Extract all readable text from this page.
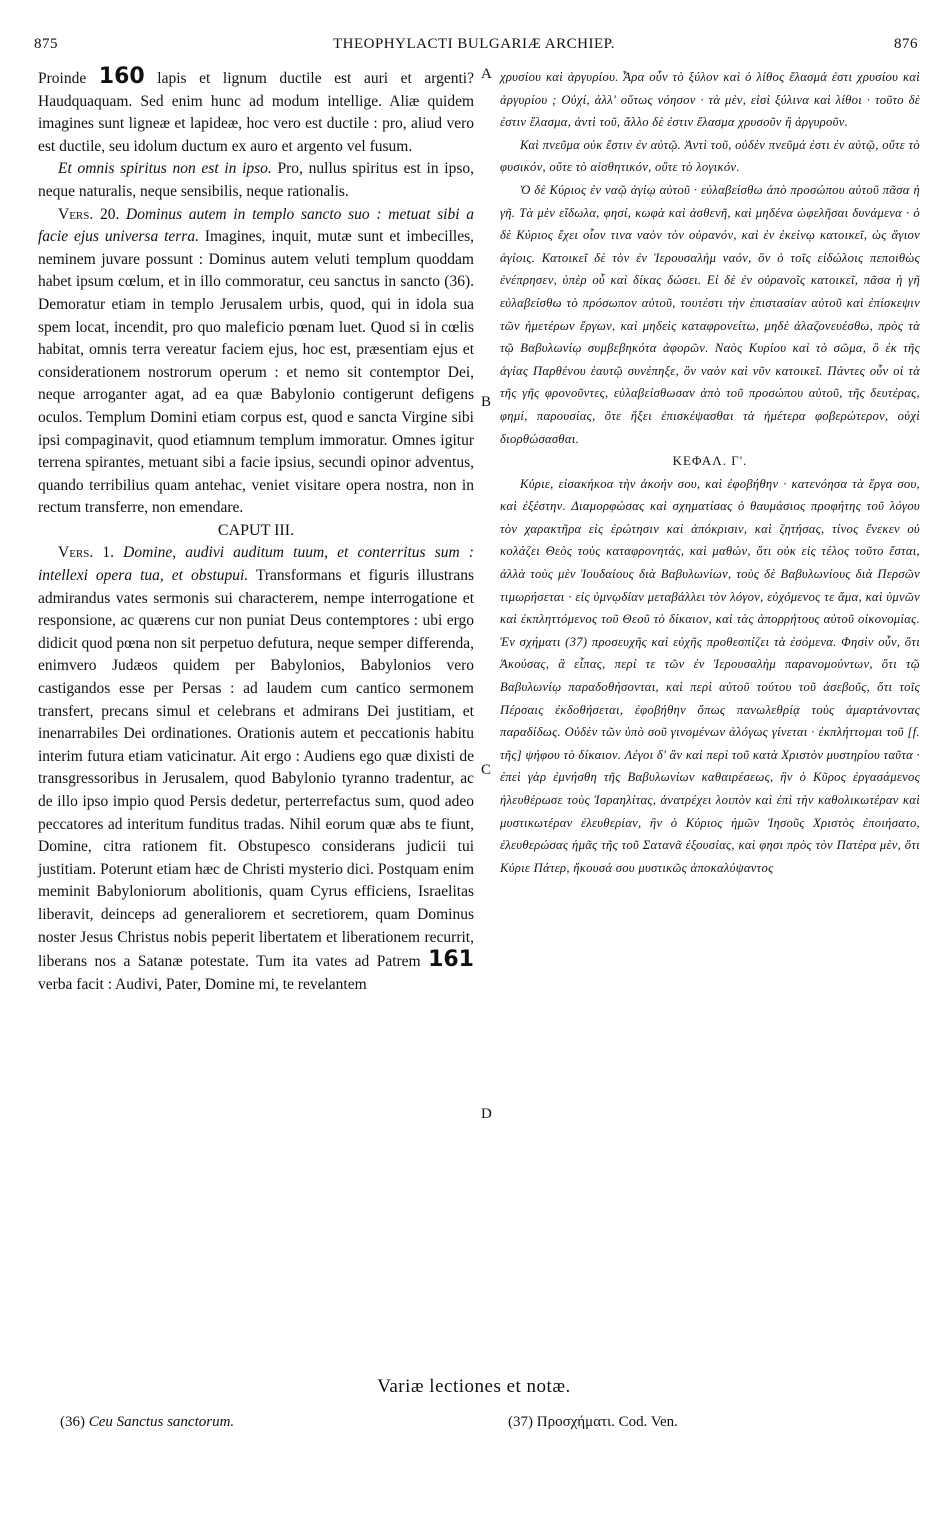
875	THEOPHYLACTI BULGARIÆ ARCHIEP.	876
A
B
C
D

Proinde 160 lapis et lignum ductile est auri et argenti? Haudquaquam. Sed enim hunc ad modum intellige. Aliæ quidem imagines sunt ligneæ et lapideæ, hoc vero est ductile : pro, aliud vero est ductile, seu idolum ductum ex auro et argento vel fusum.

Et omnis spiritus non est in ipso. Pro, nullus spiritus est in ipso, neque naturalis, neque sensibilis, neque rationalis.

Vers. 20. Dominus autem in templo sancto suo : metuat sibi a facie ejus universa terra. Imagines, inquit, mutæ sunt et imbecilles, neminem juvare possunt : Dominus autem veluti templum quoddam habet ipsum cœlum, et in illo commoratur, ceu sanctus in sancto (36). Demoratur etiam in templo Jerusalem urbis, quod, qui in idola sua spem locat, incendit, pro quo maleficio pœnam luet. Quod si in cœlis habitat, omnis terra vereatur faciem ejus, hoc est, præsentiam ejus et considerationem nostrorum operum : et nemo sit contemptor Dei, neque arroganter agat, ad ea quæ Babylonio contigerunt defigens oculos. Templum Domini etiam corpus est, quod e sancta Virgine sibi ipsi compaginavit, quod etiamnum templum immoratur. Omnes igitur terrena spirantes, metuant sibi a facie ipsius, secundi opinor adventus, quando terribilius quam antehac, veniet visitare opera nostra, non in rectum transferre, non emendare.

CAPUT III.

Vers. 1. Domine, audivi auditum tuum, et conterritus sum : intellexi opera tua, et obstupui. Transformans et figuris illustrans admirandus vates sermonis sui characterem, nempe interrogatione et responsione, ac quærens cur non puniat Deus contemptores : ubi ergo didicit quod pœna non sit perpetuo defutura, neque semper differenda, enimvero Judæos quidem per Babylonios, Babylonios vero castigandos esse per Persas : ad laudem cum cantico sermonem transfert, precans simul et celebrans et admirans Dei justitiam, et inenarrabiles Dei ordinationes. Orationis autem et peccationis habitu interim futura etiam vaticinatur. Ait ergo : Audiens ego quæ dixisti de transgressoribus in Jerusalem, quod Babylonio tyranno tradentur, ac de illo ipso impio quod Persis dedetur, perterrefactus sum, quod adeo peccatores ad interitum funditus tradas. Nihil eorum quæ abs te fiunt, Domine, citra rationem fit. Obstupesco considerans judicii tui justitiam. Poterunt etiam hæc de Christi mysterio dici. Postquam enim meminit Babyloniorum abolitionis, quam Cyrus efficiens, Israelitas liberavit, deinceps ad generaliorem et secretiorem, quam Dominus noster Jesus Christus nobis peperit libertatem et liberationem recurrit, liberans nos a Satanæ potestate. Tum ita vates ad Patrem 161 verba facit : Audivi, Pater, Domine mi, te revelantem

χρυσίου καὶ ἀργυρίου. Ἆρα οὖν τὸ ξύλον καὶ ὁ λίθος ἔλασμά ἐστι χρυσίου καὶ ἀργυρίου ; Οὐχί, ἀλλ' οὕτως νόησον · τὰ μὲν, εἰσὶ ξύλινα καὶ λίθοι · τοῦτο δὲ ἐστιν ἔλασμα, ἀντὶ τοῦ, ἄλλο δὲ ἐστιν ἔλασμα χρυσοῦν ἢ ἀργυροῦν.

Καὶ πνεῦμα οὐκ ἔστιν ἐν αὐτῷ. Ἀντὶ τοῦ, οὐδὲν πνεῦμά ἐστι ἐν αὐτῷ, οὔτε τὸ φυσικόν, οὔτε τὸ αἰσθητικόν, οὔτε τὸ λογικόν.

Ὁ δὲ Κύριος ἐν ναῷ ἁγίῳ αὐτοῦ · εὐλαβείσθω ἀπὸ προσώπου αὐτοῦ πᾶσα ἡ γῆ. Τὰ μὲν εἴδωλα, φησί, κωφὰ καὶ ἀσθενῆ, καὶ μηδένα ὠφελῆσαι δυνάμενα · ὁ δὲ Κύριος ἔχει οἷον τινα ναὸν τὸν οὐρανόν, καὶ ἐν ἐκείνῳ κατοικεῖ, ὡς ἅγιον ἁγίοις. Κατοικεῖ δὲ τὸν ἐν Ἱερουσαλὴμ ναόν, ὃν ὁ τοῖς εἰδώλοις πεποιθὼς ἐνέπρησεν, ὑπὲρ οὗ καὶ δίκας δώσει. Εἰ δὲ ἐν οὐρανοῖς κατοικεῖ, πᾶσα ἡ γῆ εὐλαβείσθω τὸ πρόσωπον αὐτοῦ, τουτέστι τὴν ἐπιστασίαν αὐτοῦ καὶ ἐπίσκεψιν τῶν ἡμετέρων ἔργων, καὶ μηδεὶς καταφρονείτω, μηδὲ ἀλαζονευέσθω, πρὸς τὰ τῷ Βαβυλωνίῳ συμβεβηκότα ἀφορῶν. Ναὸς Κυρίου καὶ τὸ σῶμα, ὃ ἐκ τῆς ἁγίας Παρθένου ἑαυτῷ συνέπηξε, ὃν ναὸν καὶ νῦν κατοικεῖ. Πάντες οὖν οἱ τὰ τῆς γῆς φρονοῦντες, εὐλαβείσθωσαν ἀπὸ τοῦ προσώπου αὐτοῦ, τῆς δευτέρας, φημί, παρουσίας, ὅτε ἥξει ἐπισκέψασθαι τὰ ἡμέτερα φοβερώτερον, οὐχὶ διορθώσασθαι.

ΚΕΦΑΛ. Γ'.

Κύριε, εἰσακήκοα τὴν ἀκοήν σου, καὶ ἐφοβήθην · κατενόησα τὰ ἔργα σου, καὶ ἐξέστην. Διαμορφώσας καὶ σχηματίσας ὁ θαυμάσιος προφήτης τοῦ λόγου τὸν χαρακτῆρα εἰς ἐρώτησιν καὶ ἀπόκρισιν, καὶ ζητήσας, τίνος ἕνεκεν οὐ κολάζει Θεὸς τοὺς καταφρονητάς, καὶ μαθών, ὅτι οὐκ εἰς τέλος τοῦτο ἔσται, ἀλλὰ τοὺς μὲν Ἰουδαίους διὰ Βαβυλωνίων, τοὺς δὲ Βαβυλωνίους διὰ Περσῶν τιμωρήσεται · εἰς ὑμνῳδίαν μεταβάλλει τὸν λόγον, εὐχόμενος τε ἅμα, καὶ ὑμνῶν καὶ ἐκπληττόμενος τοῦ Θεοῦ τὸ δίκαιον, καὶ τὰς ἀπορρήτους αὐτοῦ οἰκονομίας. Ἐν σχήματι (37) προσευχῆς καὶ εὐχῆς προθεσπίζει τὰ ἐσόμενα. Φησὶν οὖν, ὅτι Ἀκούσας, ἃ εἶπας, περί τε τῶν ἐν Ἱερουσαλὴμ παρανομούντων, ὅτι τῷ Βαβυλωνίῳ παραδοθήσονται, καὶ περὶ αὐτοῦ τούτου τοῦ ἀσεβοῦς, ὅτι τοῖς Πέρσαις ἐκδοθήσεται, ἐφοβήθην ὅπως πανωλεθρίᾳ τοὺς ἁμαρτάνοντας παραδίδως. Οὐδὲν τῶν ὑπὸ σοῦ γινομένων ἀλόγως γίνεται · ἐκπλήττομαι τοῦ [f. τῆς] ψήφου τὸ δίκαιον. Λέγοι δ' ἂν καὶ περὶ τοῦ κατὰ Χριστὸν μυστηρίου ταῦτα · ἐπεὶ γὰρ ἐμνήσθη τῆς Βαβυλωνίων καθαιρέσεως, ἣν ὁ Κῦρος ἐργασάμενος ἠλευθέρωσε τοὺς Ἰσραηλίτας, ἀνατρέχει λοιπὸν καὶ ἐπὶ τὴν καθολικωτέραν καὶ μυστικωτέραν ἐλευθερίαν, ἣν ὁ Κύριος ἡμῶν Ἰησοῦς Χριστὸς ἐποιήσατο, ἐλευθερώσας ἡμᾶς τῆς τοῦ Σατανᾶ ἐξουσίας, καὶ φησι πρὸς τὸν Πατέρα μὲν, ὅτι Κύριε Πάτερ, ἤκουσά σου μυστικῶς ἀποκαλύψαντος

Variæ lectiones et notæ.
(36) Ceu Sanctus sanctorum.	(37) Προσχήματι. Cod. Ven.
